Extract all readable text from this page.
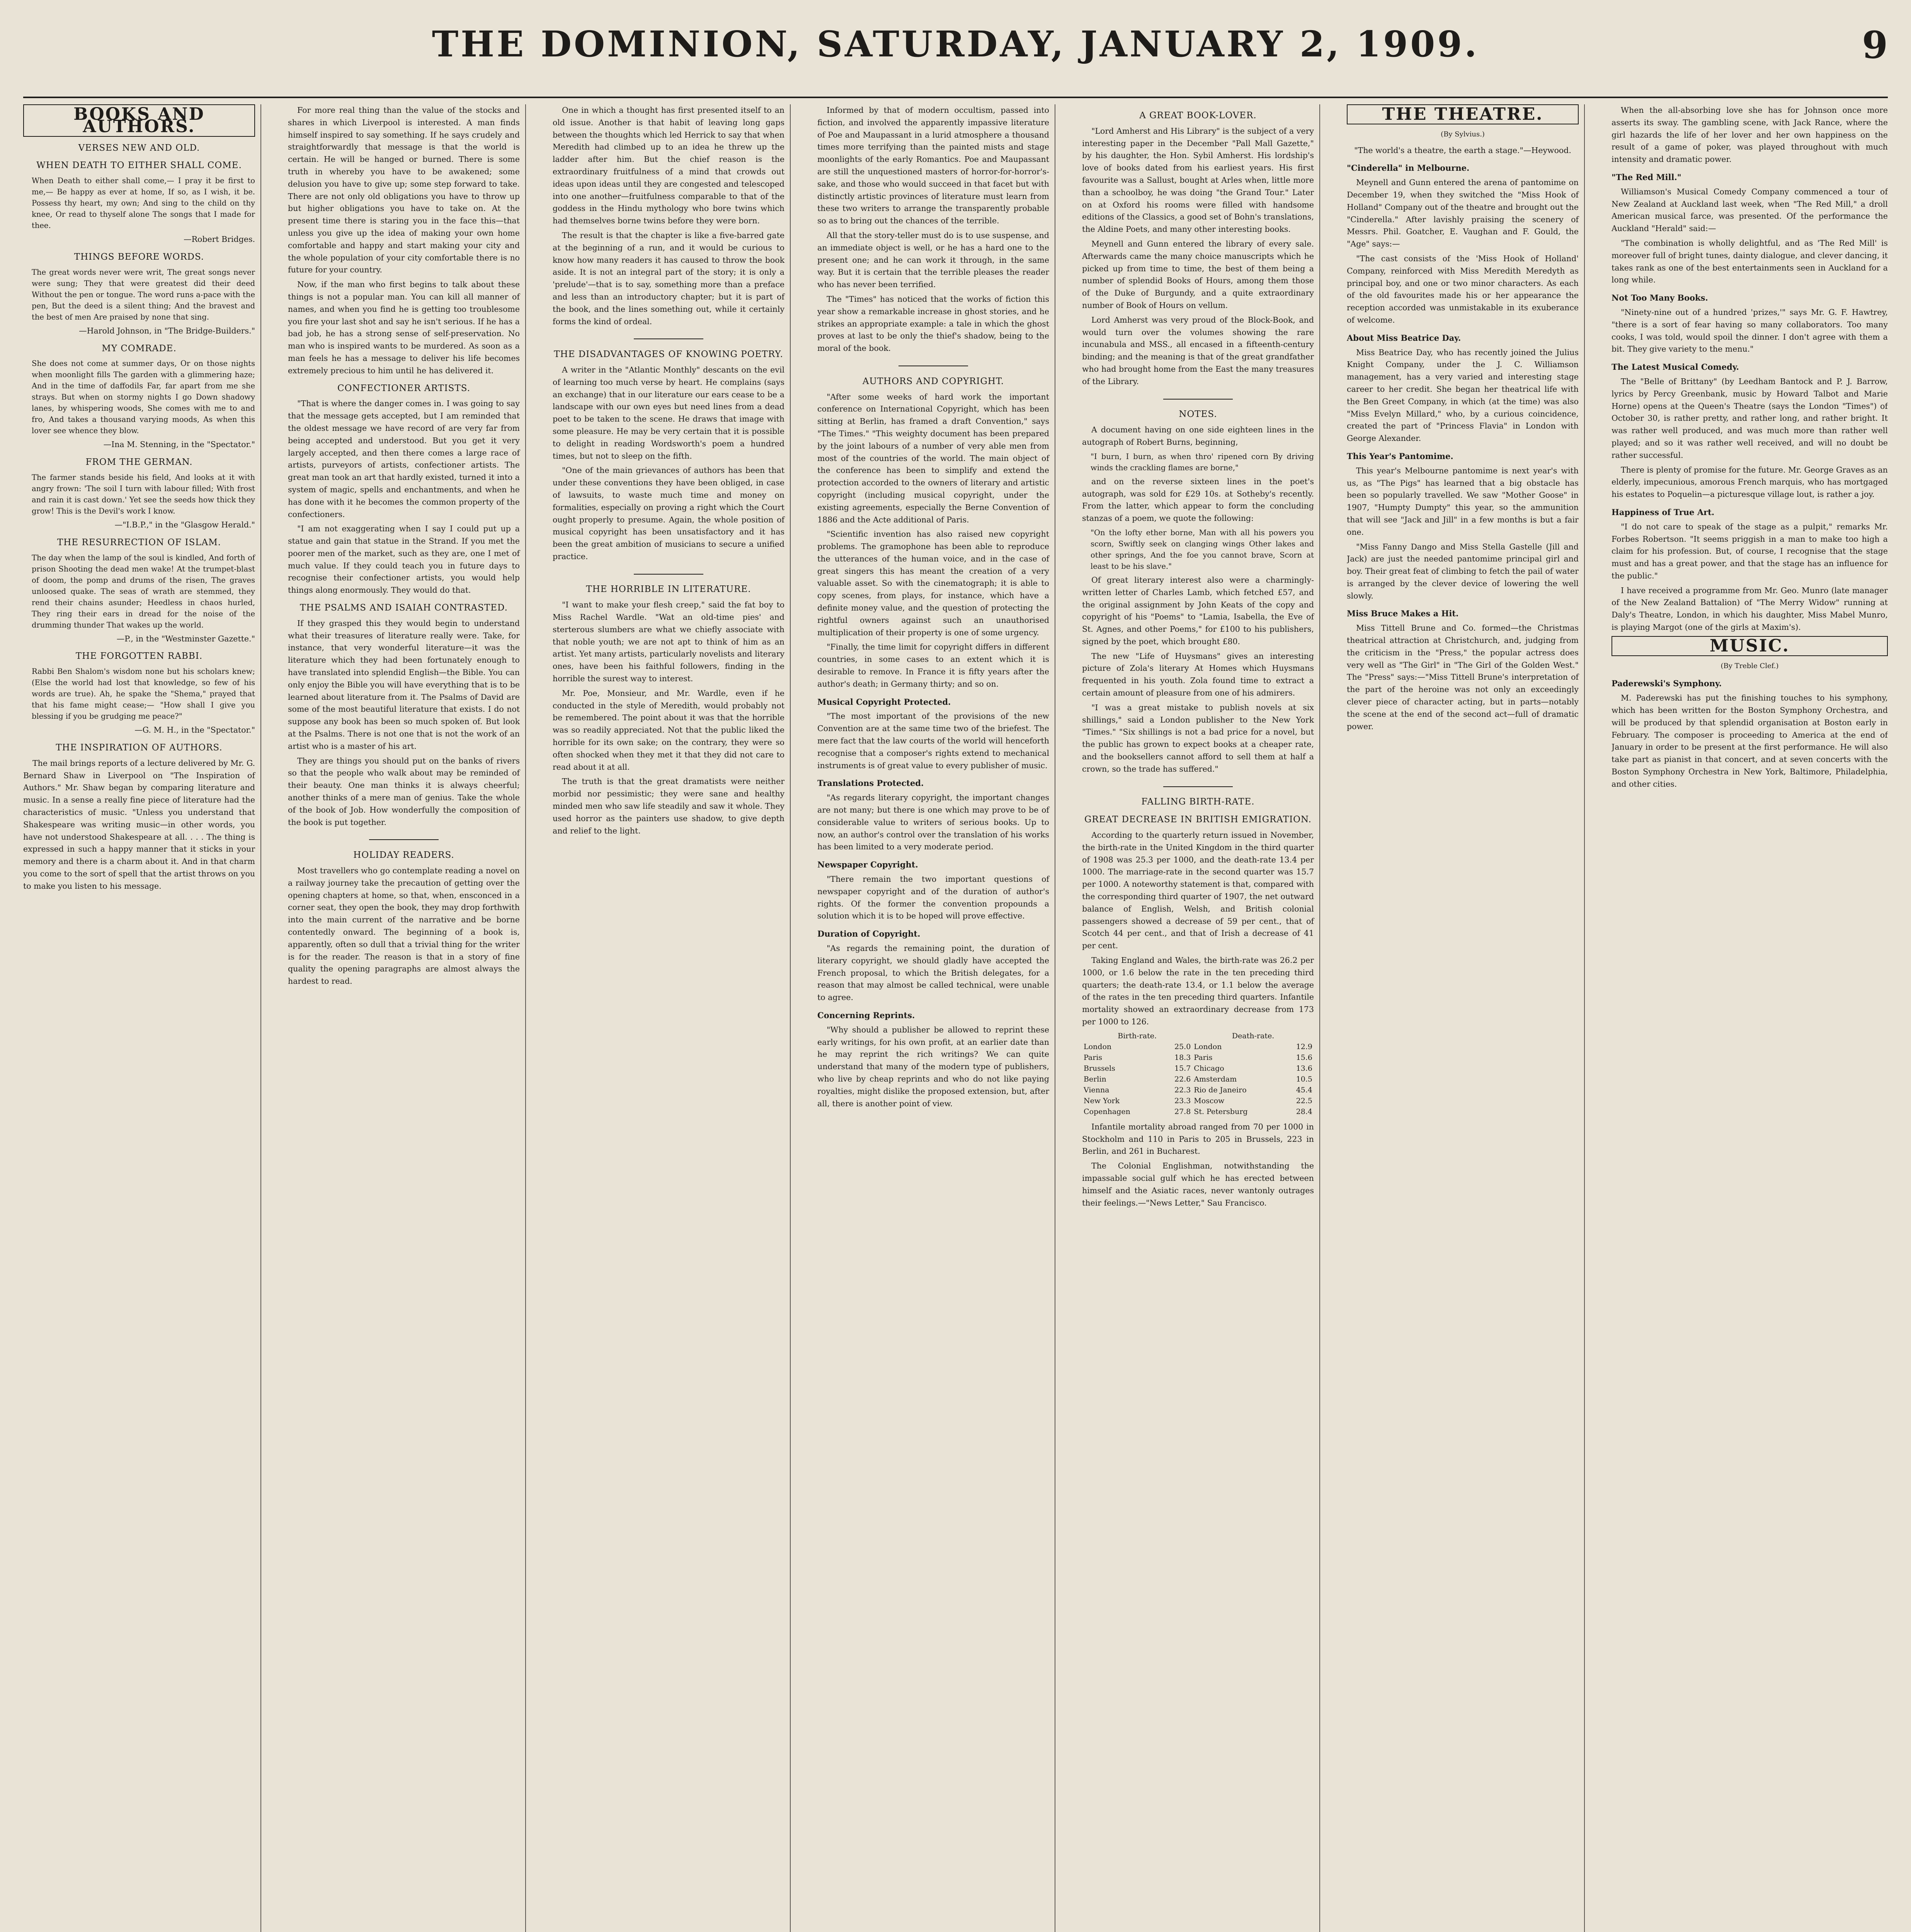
THE DOMINION, SATURDAY, JANUARY 2, 1909.	9
BOOKS AND AUTHORS.
VERSES NEW AND OLD.
WHEN DEATH TO EITHER SHALL COME.

When Death to either shall come,— I pray it be first to me,— Be happy as ever at home, If so, as I wish, it be. Possess thy heart, my own; And sing to the child on thy knee, Or read to thyself alone The songs that I made for thee.

—Robert Bridges.

THINGS BEFORE WORDS.

The great words never were writ, The great songs never were sung; They that were greatest did their deed Without the pen or tongue. The word runs a-pace with the pen, But the deed is a silent thing; And the bravest and the best of men Are praised by none that sing.

—Harold Johnson, in "The Bridge-Builders."

MY COMRADE.

She does not come at summer days, Or on those nights when moonlight fills The garden with a glimmering haze; And in the time of daffodils Far, far apart from me she strays. But when on stormy nights I go Down shadowy lanes, by whispering woods, She comes with me to and fro, And takes a thousand varying moods, As when this lover see whence they blow.

—Ina M. Stenning, in the "Spectator."

FROM THE GERMAN.

The farmer stands beside his field, And looks at it with angry frown: 'The soil I turn with labour filled; With frost and rain it is cast down.' Yet see the seeds how thick they grow! This is the Devil's work I know.

—"I.B.P.," in the "Glasgow Herald."

THE RESURRECTION OF ISLAM.

The day when the lamp of the soul is kindled, And forth of prison Shooting the dead men wake! At the trumpet-blast of doom, the pomp and drums of the risen, The graves unloosed quake. The seas of wrath are stemmed, they rend their chains asunder; Heedless in chaos hurled, They ring their ears in dread for the noise of the drumming thunder That wakes up the world.

—P., in the "Westminster Gazette."

THE FORGOTTEN RABBI.

Rabbi Ben Shalom's wisdom none but his scholars knew; (Else the world had lost that knowledge, so few of his words are true). Ah, he spake the "Shema," prayed that that his fame might cease;— "How shall I give you blessing if you be grudging me peace?"

—G. M. H., in the "Spectator."

THE INSPIRATION OF AUTHORS.

The mail brings reports of a lecture delivered by Mr. G. Bernard Shaw in Liverpool on "The Inspiration of Authors." Mr. Shaw began by comparing literature and music. In a sense a really fine piece of literature had the characteristics of music. "Unless you understand that Shakespeare was writing music—in other words, you have not understood Shakespeare at all. . . . The thing is expressed in such a happy manner that it sticks in your memory and there is a charm about it. And in that charm you come to the sort of spell that the artist throws on you to make you listen to his message.

For more real thing than the value of the stocks and shares in which Liverpool is interested. A man finds himself inspired to say something. If he says crudely and straightforwardly that message is that the world is certain. He will be hanged or burned. There is some truth in whereby you have to be awakened; some delusion you have to give up; some step forward to take. There are not only old obligations you have to throw up but higher obligations you have to take on. At the present time there is staring you in the face this—that unless you give up the idea of making your own home comfortable and happy and start making your city and the whole population of your city comfortable there is no future for your country.

Now, if the man who first begins to talk about these things is not a popular man. You can kill all manner of names, and when you find he is getting too troublesome you fire your last shot and say he isn't serious. If he has a bad job, he has a strong sense of self-preservation. No man who is inspired wants to be murdered. As soon as a man feels he has a message to deliver his life becomes extremely precious to him until he has delivered it.

CONFECTIONER ARTISTS.

"That is where the danger comes in. I was going to say that the message gets accepted, but I am reminded that the oldest message we have record of are very far from being accepted and understood. But you get it very largely accepted, and then there comes a large race of artists, purveyors of artists, confectioner artists. The great man took an art that hardly existed, turned it into a system of magic, spells and enchantments, and when he has done with it he becomes the common property of the confectioners.

"I am not exaggerating when I say I could put up a statue and gain that statue in the Strand. If you met the poorer men of the market, such as they are, one I met of much value. If they could teach you in future days to recognise their confectioner artists, you would help things along enormously. They would do that.

THE PSALMS AND ISAIAH CONTRASTED.

If they grasped this they would begin to understand what their treasures of literature really were. Take, for instance, that very wonderful literature—it was the literature which they had been fortunately enough to have translated into splendid English—the Bible. You can only enjoy the Bible you will have everything that is to be learned about literature from it. The Psalms of David are some of the most beautiful literature that exists. I do not suppose any book has been so much spoken of. But look at the Psalms. There is not one that is not the work of an artist who is a master of his art.

They are things you should put on the banks of rivers so that the people who walk about may be reminded of their beauty. One man thinks it is always cheerful; another thinks of a mere man of genius. Take the whole of the book of Job. How wonderfully the composition of the book is put together.

HOLIDAY READERS.

Most travellers who go contemplate reading a novel on a railway journey take the precaution of getting over the opening chapters at home, so that, when, ensconced in a corner seat, they open the book, they may drop forthwith into the main current of the narrative and be borne contentedly onward. The beginning of a book is, apparently, often so dull that a trivial thing for the writer is for the reader. The reason is that in a story of fine quality the opening paragraphs are almost always the hardest to read.

One in which a thought has first presented itself to an old issue. Another is that habit of leaving long gaps between the thoughts which led Herrick to say that when Meredith had climbed up to an idea he threw up the ladder after him. But the chief reason is the extraordinary fruitfulness of a mind that crowds out ideas upon ideas until they are congested and telescoped into one another—fruitfulness comparable to that of the goddess in the Hindu mythology who bore twins which had themselves borne twins before they were born.

The result is that the chapter is like a five-barred gate at the beginning of a run, and it would be curious to know how many readers it has caused to throw the book aside. It is not an integral part of the story; it is only a 'prelude'—that is to say, something more than a preface and less than an introductory chapter; but it is part of the book, and the lines something out, while it certainly forms the kind of ordeal.

THE DISADVANTAGES OF KNOWING POETRY.

A writer in the "Atlantic Monthly" descants on the evil of learning too much verse by heart. He complains (says an exchange) that in our literature our ears cease to be a landscape with our own eyes but need lines from a dead poet to be taken to the scene. He draws that image with some pleasure. He may be very certain that it is possible to delight in reading Wordsworth's poem a hundred times, but not to sleep on the fifth.

"One of the main grievances of authors has been that under these conventions they have been obliged, in case of lawsuits, to waste much time and money on formalities, especially on proving a right which the Court ought properly to presume. Again, the whole position of musical copyright has been unsatisfactory and it has been the great ambition of musicians to secure a unified practice.

THE HORRIBLE IN LITERATURE.

"I want to make your flesh creep," said the fat boy to Miss Rachel Wardle. "Wat an old-time pies' and sterterous slumbers are what we chiefly associate with that noble youth; we are not apt to think of him as an artist. Yet many artists, particularly novelists and literary ones, have been his faithful followers, finding in the horrible the surest way to interest.

Mr. Poe, Monsieur, and Mr. Wardle, even if he conducted in the style of Meredith, would probably not be remembered. The point about it was that the horrible was so readily appreciated. Not that the public liked the horrible for its own sake; on the contrary, they were so often shocked when they met it that they did not care to read about it at all.

The truth is that the great dramatists were neither morbid nor pessimistic; they were sane and healthy minded men who saw life steadily and saw it whole. They used horror as the painters use shadow, to give depth and relief to the light.

Informed by that of modern occultism, passed into fiction, and involved the apparently impassive literature of Poe and Maupassant in a lurid atmosphere a thousand times more terrifying than the painted mists and stage moonlights of the early Romantics. Poe and Maupassant are still the unquestioned masters of horror-for-horror's-sake, and those who would succeed in that facet but with distinctly artistic provinces of literature must learn from these two writers to arrange the transparently probable so as to bring out the chances of the terrible.

All that the story-teller must do is to use suspense, and an immediate object is well, or he has a hard one to the present one; and he can work it through, in the same way. But it is certain that the terrible pleases the reader who has never been terrified.

The "Times" has noticed that the works of fiction this year show a remarkable increase in ghost stories, and he strikes an appropriate example: a tale in which the ghost proves at last to be only the thief's shadow, being to the moral of the book.

AUTHORS AND COPYRIGHT.

"After some weeks of hard work the important conference on International Copyright, which has been sitting at Berlin, has framed a draft Convention," says "The Times." "This weighty document has been prepared by the joint labours of a number of very able men from most of the countries of the world. The main object of the conference has been to simplify and extend the protection accorded to the owners of literary and artistic copyright (including musical copyright, under the existing agreements, especially the Berne Convention of 1886 and the Acte additional of Paris.

"Scientific invention has also raised new copyright problems. The gramophone has been able to reproduce the utterances of the human voice, and in the case of great singers this has meant the creation of a very valuable asset. So with the cinematograph; it is able to copy scenes, from plays, for instance, which have a definite money value, and the question of protecting the rightful owners against such an unauthorised multiplication of their property is one of some urgency.

"Finally, the time limit for copyright differs in different countries, in some cases to an extent which it is desirable to remove. In France it is fifty years after the author's death; in Germany thirty; and so on.

Musical Copyright Protected.

"The most important of the provisions of the new Convention are at the same time two of the briefest. The mere fact that the law courts of the world will henceforth recognise that a composer's rights extend to mechanical instruments is of great value to every publisher of music.

Translations Protected.

"As regards literary copyright, the important changes are not many; but there is one which may prove to be of considerable value to writers of serious books. Up to now, an author's control over the translation of his works has been limited to a very moderate period.

Newspaper Copyright.

"There remain the two important questions of newspaper copyright and of the duration of author's rights. Of the former the convention propounds a solution which it is to be hoped will prove effective.

Duration of Copyright.

"As regards the remaining point, the duration of literary copyright, we should gladly have accepted the French proposal, to which the British delegates, for a reason that may almost be called technical, were unable to agree.

Concerning Reprints.

"Why should a publisher be allowed to reprint these early writings, for his own profit, at an earlier date than he may reprint the rich writings? We can quite understand that many of the modern type of publishers, who live by cheap reprints and who do not like paying royalties, might dislike the proposed extension, but, after all, there is another point of view.

A GREAT BOOK-LOVER.

"Lord Amherst and His Library" is the subject of a very interesting paper in the December "Pall Mall Gazette," by his daughter, the Hon. Sybil Amherst. His lordship's love of books dated from his earliest years. His first favourite was a Sallust, bought at Arles when, little more than a schoolboy, he was doing "the Grand Tour." Later on at Oxford his rooms were filled with handsome editions of the Classics, a good set of Bohn's translations, the Aldine Poets, and many other interesting books.

Meynell and Gunn entered the library of every sale. Afterwards came the many choice manuscripts which he picked up from time to time, the best of them being a number of splendid Books of Hours, among them those of the Duke of Burgundy, and a quite extraordinary number of Book of Hours on vellum.

Lord Amherst was very proud of the Block-Book, and would turn over the volumes showing the rare incunabula and MSS., all encased in a fifteenth-century binding; and the meaning is that of the great grandfather who had brought home from the East the many treasures of the Library.

NOTES.

A document having on one side eighteen lines in the autograph of Robert Burns, beginning,

"I burn, I burn, as when thro' ripened corn By driving winds the crackling flames are borne,"

and on the reverse sixteen lines in the poet's autograph, was sold for £29 10s. at Sotheby's recently. From the latter, which appear to form the concluding stanzas of a poem, we quote the following:

"On the lofty ether borne, Man with all his powers you scorn, Swiftly seek on clanging wings Other lakes and other springs, And the foe you cannot brave, Scorn at least to be his slave."

Of great literary interest also were a charmingly-written letter of Charles Lamb, which fetched £57, and the original assignment by John Keats of the copy and copyright of his "Poems" to "Lamia, Isabella, the Eve of St. Agnes, and other Poems," for £100 to his publishers, signed by the poet, which brought £80.

The new "Life of Huysmans" gives an interesting picture of Zola's literary At Homes which Huysmans frequented in his youth. Zola found time to extract a certain amount of pleasure from one of his admirers.

"I was a great mistake to publish novels at six shillings," said a London publisher to the New York "Times." "Six shillings is not a bad price for a novel, but the public has grown to expect books at a cheaper rate, and the booksellers cannot afford to sell them at half a crown, so the trade has suffered."

FALLING BIRTH-RATE.
GREAT DECREASE IN BRITISH EMIGRATION.

According to the quarterly return issued in November, the birth-rate in the United Kingdom in the third quarter of 1908 was 25.3 per 1000, and the death-rate 13.4 per 1000. The marriage-rate in the second quarter was 15.7 per 1000. A noteworthy statement is that, compared with the corresponding third quarter of 1907, the net outward balance of English, Welsh, and British colonial passengers showed a decrease of 59 per cent., that of Scotch 44 per cent., and that of Irish a decrease of 41 per cent.

Taking England and Wales, the birth-rate was 26.2 per 1000, or 1.6 below the rate in the ten preceding third quarters; the death-rate 13.4, or 1.1 below the average of the rates in the ten preceding third quarters. Infantile mortality showed an extraordinary decrease from 173 per 1000 to 126.

Birth-rate.		Death-rate.	
London	25.0	London	12.9
Paris	18.3	Paris	15.6
Brussels	15.7	Chicago	13.6
Berlin	22.6	Amsterdam	10.5
Vienna	22.3	Rio de Janeiro	45.4
New York	23.3	Moscow	22.5
Copenhagen	27.8	St. Petersburg	28.4

Infantile mortality abroad ranged from 70 per 1000 in Stockholm and 110 in Paris to 205 in Brussels, 223 in Berlin, and 261 in Bucharest.

The Colonial Englishman, notwithstanding the impassable social gulf which he has erected between himself and the Asiatic races, never wantonly outrages their feelings.—"News Letter," Sau Francisco.

THE THEATRE.
(By Sylvius.)

"The world's a theatre, the earth a stage."—Heywood.

"Cinderella" in Melbourne.

Meynell and Gunn entered the arena of pantomime on December 19, when they switched the "Miss Hook of Holland" Company out of the theatre and brought out the "Cinderella." After lavishly praising the scenery of Messrs. Phil. Goatcher, E. Vaughan and F. Gould, the "Age" says:—

"The cast consists of the 'Miss Hook of Holland' Company, reinforced with Miss Meredith Meredyth as principal boy, and one or two minor characters. As each of the old favourites made his or her appearance the reception accorded was unmistakable in its exuberance of welcome.

About Miss Beatrice Day.

Miss Beatrice Day, who has recently joined the Julius Knight Company, under the J. C. Williamson management, has a very varied and interesting stage career to her credit. She began her theatrical life with the Ben Greet Company, in which (at the time) was also "Miss Evelyn Millard," who, by a curious coincidence, created the part of "Princess Flavia" in London with George Alexander.

This Year's Pantomime.

This year's Melbourne pantomime is next year's with us, as "The Pigs" has learned that a big obstacle has been so popularly travelled. We saw "Mother Goose" in 1907, "Humpty Dumpty" this year, so the ammunition that will see "Jack and Jill" in a few months is but a fair one.

"Miss Fanny Dango and Miss Stella Gastelle (Jill and Jack) are just the needed pantomime principal girl and boy. Their great feat of climbing to fetch the pail of water is arranged by the clever device of lowering the well slowly.

Miss Bruce Makes a Hit.

Miss Tittell Brune and Co. formed—the Christmas theatrical attraction at Christchurch, and, judging from the criticism in the "Press," the popular actress does very well as "The Girl" in "The Girl of the Golden West." The "Press" says:—"Miss Tittell Brune's interpretation of the part of the heroine was not only an exceedingly clever piece of character acting, but in parts—notably the scene at the end of the second act—full of dramatic power.

When the all-absorbing love she has for Johnson once more asserts its sway. The gambling scene, with Jack Rance, where the girl hazards the life of her lover and her own happiness on the result of a game of poker, was played throughout with much intensity and dramatic power.

"The Red Mill."

Williamson's Musical Comedy Company commenced a tour of New Zealand at Auckland last week, when "The Red Mill," a droll American musical farce, was presented. Of the performance the Auckland "Herald" said:—

"The combination is wholly delightful, and as 'The Red Mill' is moreover full of bright tunes, dainty dialogue, and clever dancing, it takes rank as one of the best entertainments seen in Auckland for a long while.

Not Too Many Books.

"Ninety-nine out of a hundred 'prizes,'" says Mr. G. F. Hawtrey, "there is a sort of fear having so many collaborators. Too many cooks, I was told, would spoil the dinner. I don't agree with them a bit. They give variety to the menu."

The Latest Musical Comedy.

The "Belle of Brittany" (by Leedham Bantock and P. J. Barrow, lyrics by Percy Greenbank, music by Howard Talbot and Marie Horne) opens at the Queen's Theatre (says the London "Times") of October 30, is rather pretty, and rather long, and rather bright. It was rather well produced, and was much more than rather well played; and so it was rather well received, and will no doubt be rather successful.

There is plenty of promise for the future. Mr. George Graves as an elderly, impecunious, amorous French marquis, who has mortgaged his estates to Poquelin—a picturesque village lout, is rather a joy.

Happiness of True Art.

"I do not care to speak of the stage as a pulpit," remarks Mr. Forbes Robertson. "It seems priggish in a man to make too high a claim for his profession. But, of course, I recognise that the stage must and has a great power, and that the stage has an influence for the public."

I have received a programme from Mr. Geo. Munro (late manager of the New Zealand Battalion) of "The Merry Widow" running at Daly's Theatre, London, in which his daughter, Miss Mabel Munro, is playing Margot (one of the girls at Maxim's).

MUSIC.
(By Treble Clef.)
Paderewski's Symphony.

M. Paderewski has put the finishing touches to his symphony, which has been written for the Boston Symphony Orchestra, and will be produced by that splendid organisation at Boston early in February. The composer is proceeding to America at the end of January in order to be present at the first performance. He will also take part as pianist in that concert, and at seven concerts with the Boston Symphony Orchestra in New York, Baltimore, Philadelphia, and other cities.
